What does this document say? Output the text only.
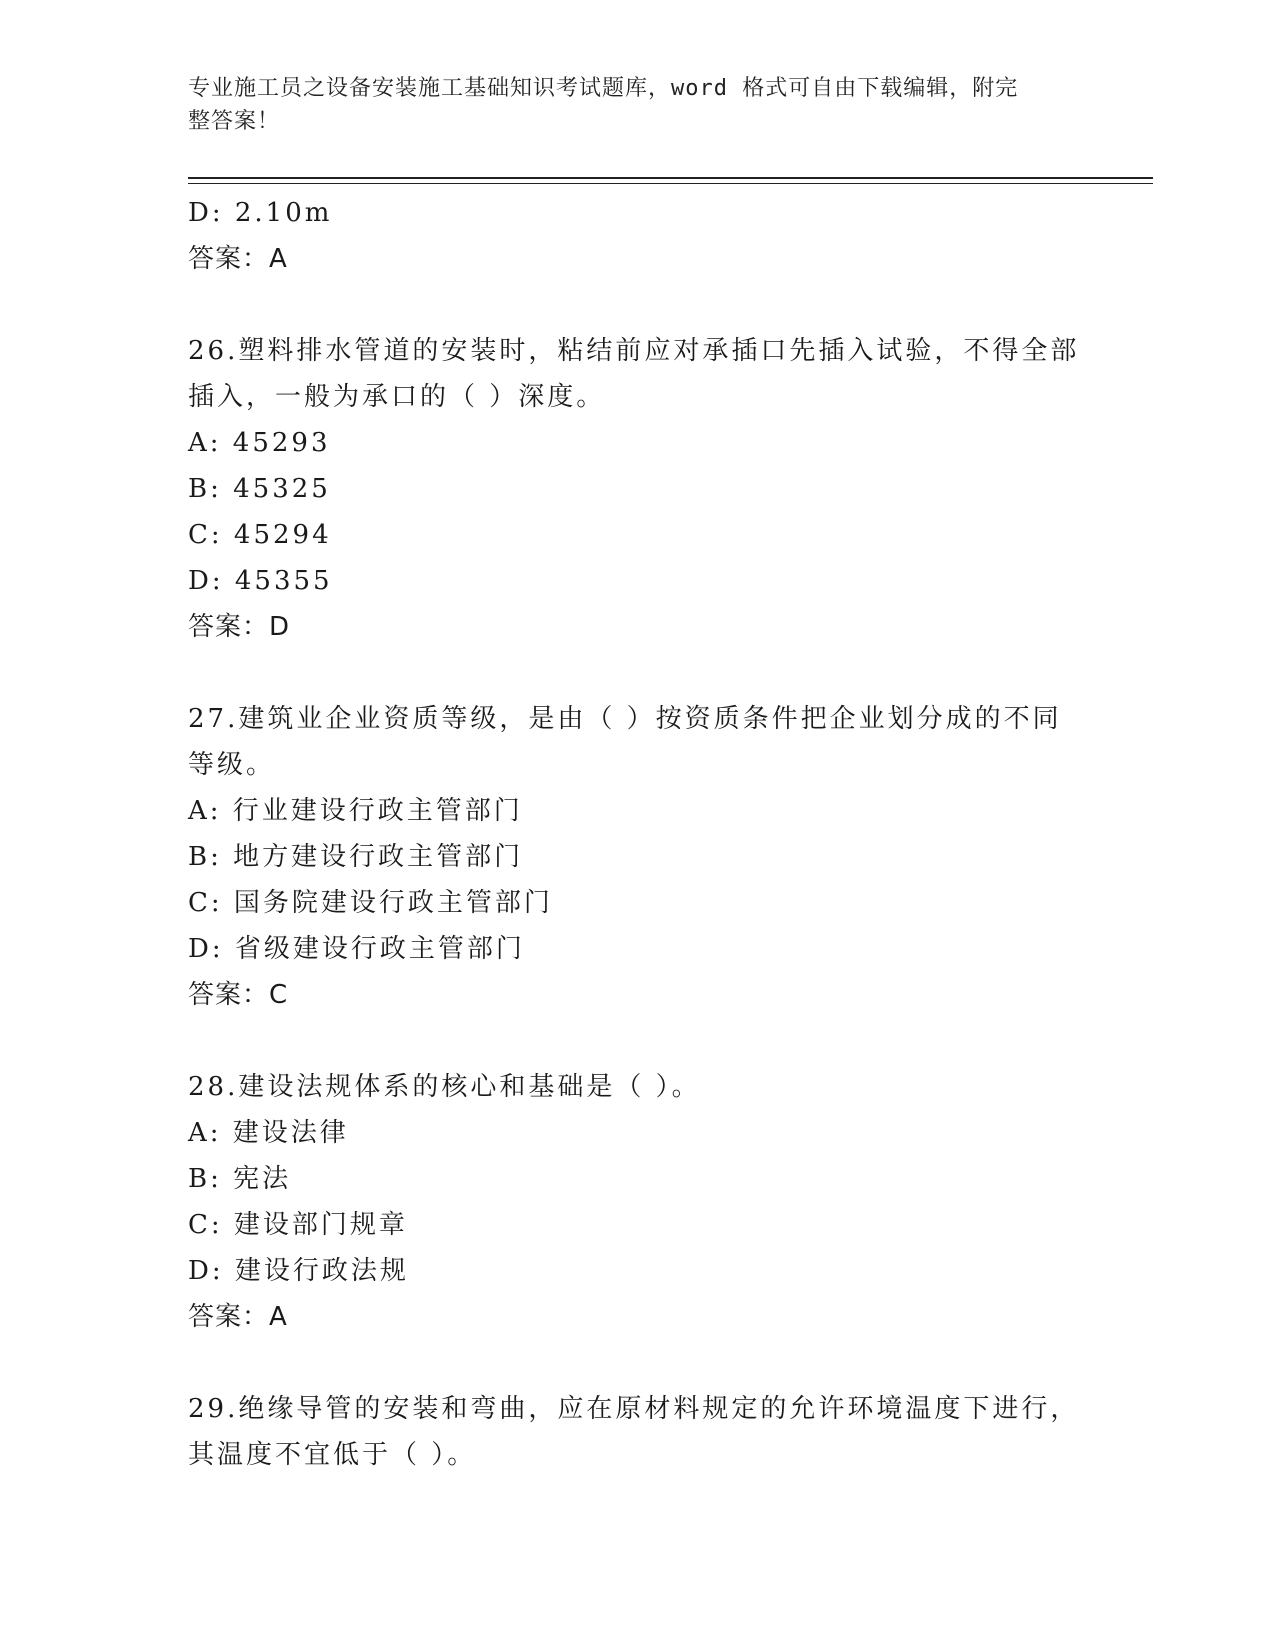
专业施工员之设备安装施工基础知识考试题库，word 格式可自由下载编辑，附完
整答案！
D: 2.10m
答案：A
26.塑料排水管道的安装时，粘结前应对承插口先插入试验，不得全部
插入，一般为承口的（ ）深度。
A: 45293
B: 45325
C: 45294
D: 45355
答案：D
27.建筑业企业资质等级，是由（ ）按资质条件把企业划分成的不同
等级。
A: 行业建设行政主管部门
B: 地方建设行政主管部门
C: 国务院建设行政主管部门
D: 省级建设行政主管部门
答案：C
28.建设法规体系的核心和基础是（ ）。
A: 建设法律
B: 宪法
C: 建设部门规章
D: 建设行政法规
答案：A
29.绝缘导管的安装和弯曲，应在原材料规定的允许环境温度下进行，
其温度不宜低于（ ）。
